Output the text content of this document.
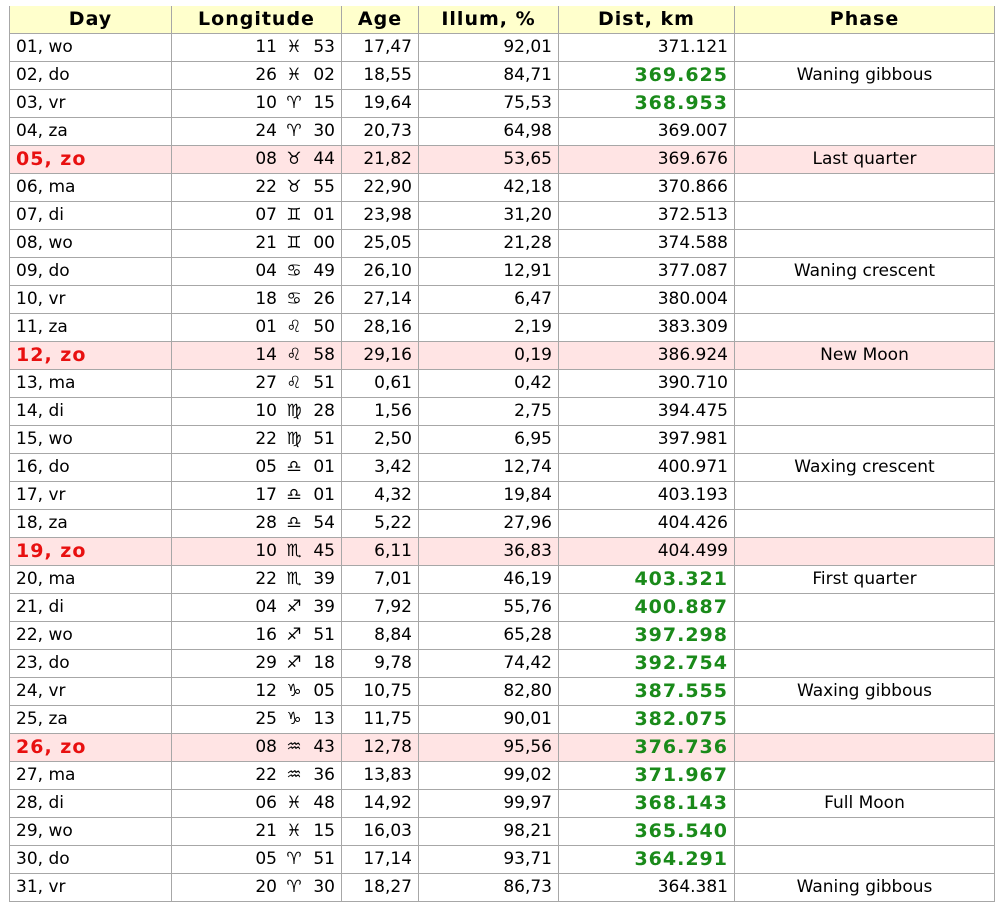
Day	Longitude	Age	Illum, %	Dist, km	Phase
01, wo	11 ♓ 53	17,47	92,01	371.121	
02, do	26 ♓ 02	18,55	84,71	369.625	Waning gibbous
03, vr	10 ♈ 15	19,64	75,53	368.953	
04, za	24 ♈ 30	20,73	64,98	369.007	
05, zo	08 ♉ 44	21,82	53,65	369.676	Last quarter
06, ma	22 ♉ 55	22,90	42,18	370.866	
07, di	07 ♊ 01	23,98	31,20	372.513	
08, wo	21 ♊ 00	25,05	21,28	374.588	
09, do	04 ♋ 49	26,10	12,91	377.087	Waning crescent
10, vr	18 ♋ 26	27,14	6,47	380.004	
11, za	01 ♌ 50	28,16	2,19	383.309	
12, zo	14 ♌ 58	29,16	0,19	386.924	New Moon
13, ma	27 ♌ 51	0,61	0,42	390.710	
14, di	10 ♍ 28	1,56	2,75	394.475	
15, wo	22 ♍ 51	2,50	6,95	397.981	
16, do	05 ♎ 01	3,42	12,74	400.971	Waxing crescent
17, vr	17 ♎ 01	4,32	19,84	403.193	
18, za	28 ♎ 54	5,22	27,96	404.426	
19, zo	10 ♏ 45	6,11	36,83	404.499	
20, ma	22 ♏ 39	7,01	46,19	403.321	First quarter
21, di	04 ♐ 39	7,92	55,76	400.887	
22, wo	16 ♐ 51	8,84	65,28	397.298	
23, do	29 ♐ 18	9,78	74,42	392.754	
24, vr	12 ♑ 05	10,75	82,80	387.555	Waxing gibbous
25, za	25 ♑ 13	11,75	90,01	382.075	
26, zo	08 ♒ 43	12,78	95,56	376.736	
27, ma	22 ♒ 36	13,83	99,02	371.967	
28, di	06 ♓ 48	14,92	99,97	368.143	Full Moon
29, wo	21 ♓ 15	16,03	98,21	365.540	
30, do	05 ♈ 51	17,14	93,71	364.291	
31, vr	20 ♈ 30	18,27	86,73	364.381	Waning gibbous
